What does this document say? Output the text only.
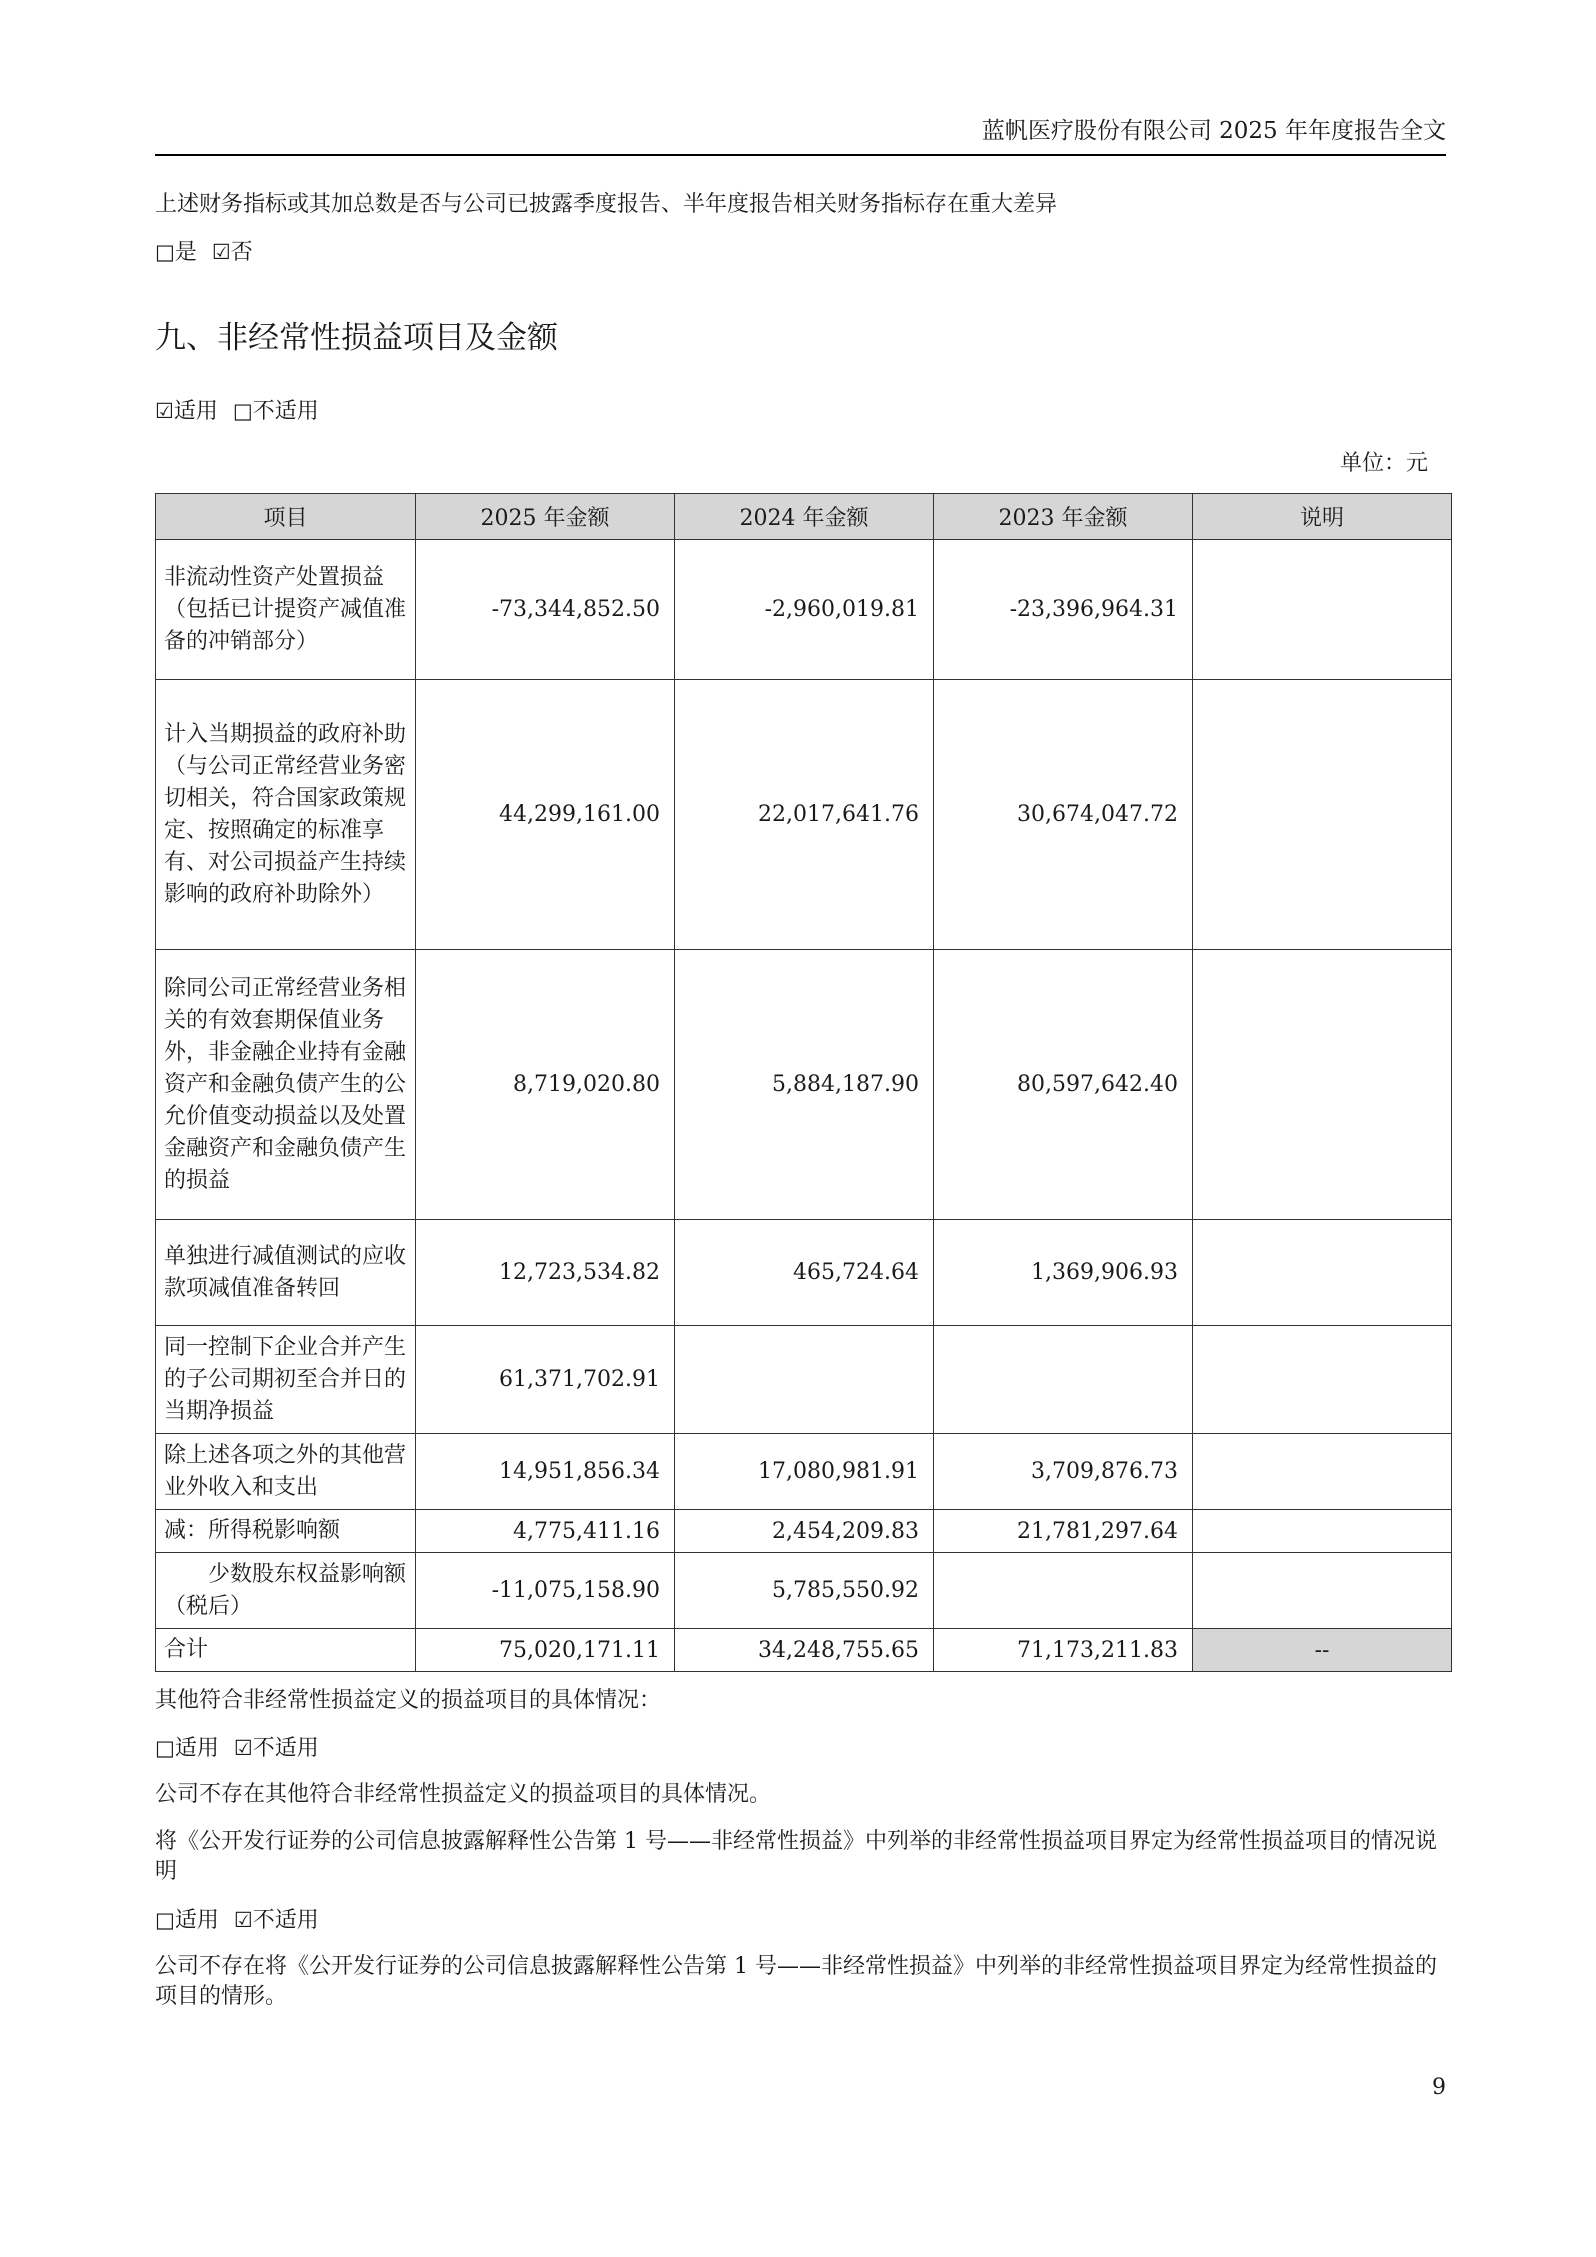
蓝帆医疗股份有限公司 2025 年年度报告全文
上述财务指标或其加总数是否与公司已披露季度报告、半年度报告相关财务指标存在重大差异
□是 ☑否
九、非经常性损益项目及金额
☑适用 □不适用
单位：元
项目	2025 年金额	2024 年金额	2023 年金额	说明
非流动性资产处置损益（包括已计提资产减值准备的冲销部分）	-73,344,852.50	-2,960,019.81	-23,396,964.31	
计入当期损益的政府补助（与公司正常经营业务密切相关，符合国家政策规定、按照确定的标准享有、对公司损益产生持续影响的政府补助除外）	44,299,161.00	22,017,641.76	30,674,047.72	
除同公司正常经营业务相关的有效套期保值业务外，非金融企业持有金融资产和金融负债产生的公允价值变动损益以及处置金融资产和金融负债产生的损益	8,719,020.80	5,884,187.90	80,597,642.40	
单独进行减值测试的应收款项减值准备转回	12,723,534.82	465,724.64	1,369,906.93	
同一控制下企业合并产生的子公司期初至合并日的当期净损益	61,371,702.91			
除上述各项之外的其他营业外收入和支出	14,951,856.34	17,080,981.91	3,709,876.73	
减：所得税影响额	4,775,411.16	2,454,209.83	21,781,297.64	
　　少数股东权益影响额（税后）	-11,075,158.90	5,785,550.92		
合计	75,020,171.11	34,248,755.65	71,173,211.83	--
其他符合非经常性损益定义的损益项目的具体情况：
□适用 ☑不适用
公司不存在其他符合非经常性损益定义的损益项目的具体情况。
将《公开发行证券的公司信息披露解释性公告第 1 号——非经常性损益》中列举的非经常性损益项目界定为经常性损益项目的情况说明
□适用 ☑不适用
公司不存在将《公开发行证券的公司信息披露解释性公告第 1 号——非经常性损益》中列举的非经常性损益项目界定为经常性损益的项目的情形。
9
